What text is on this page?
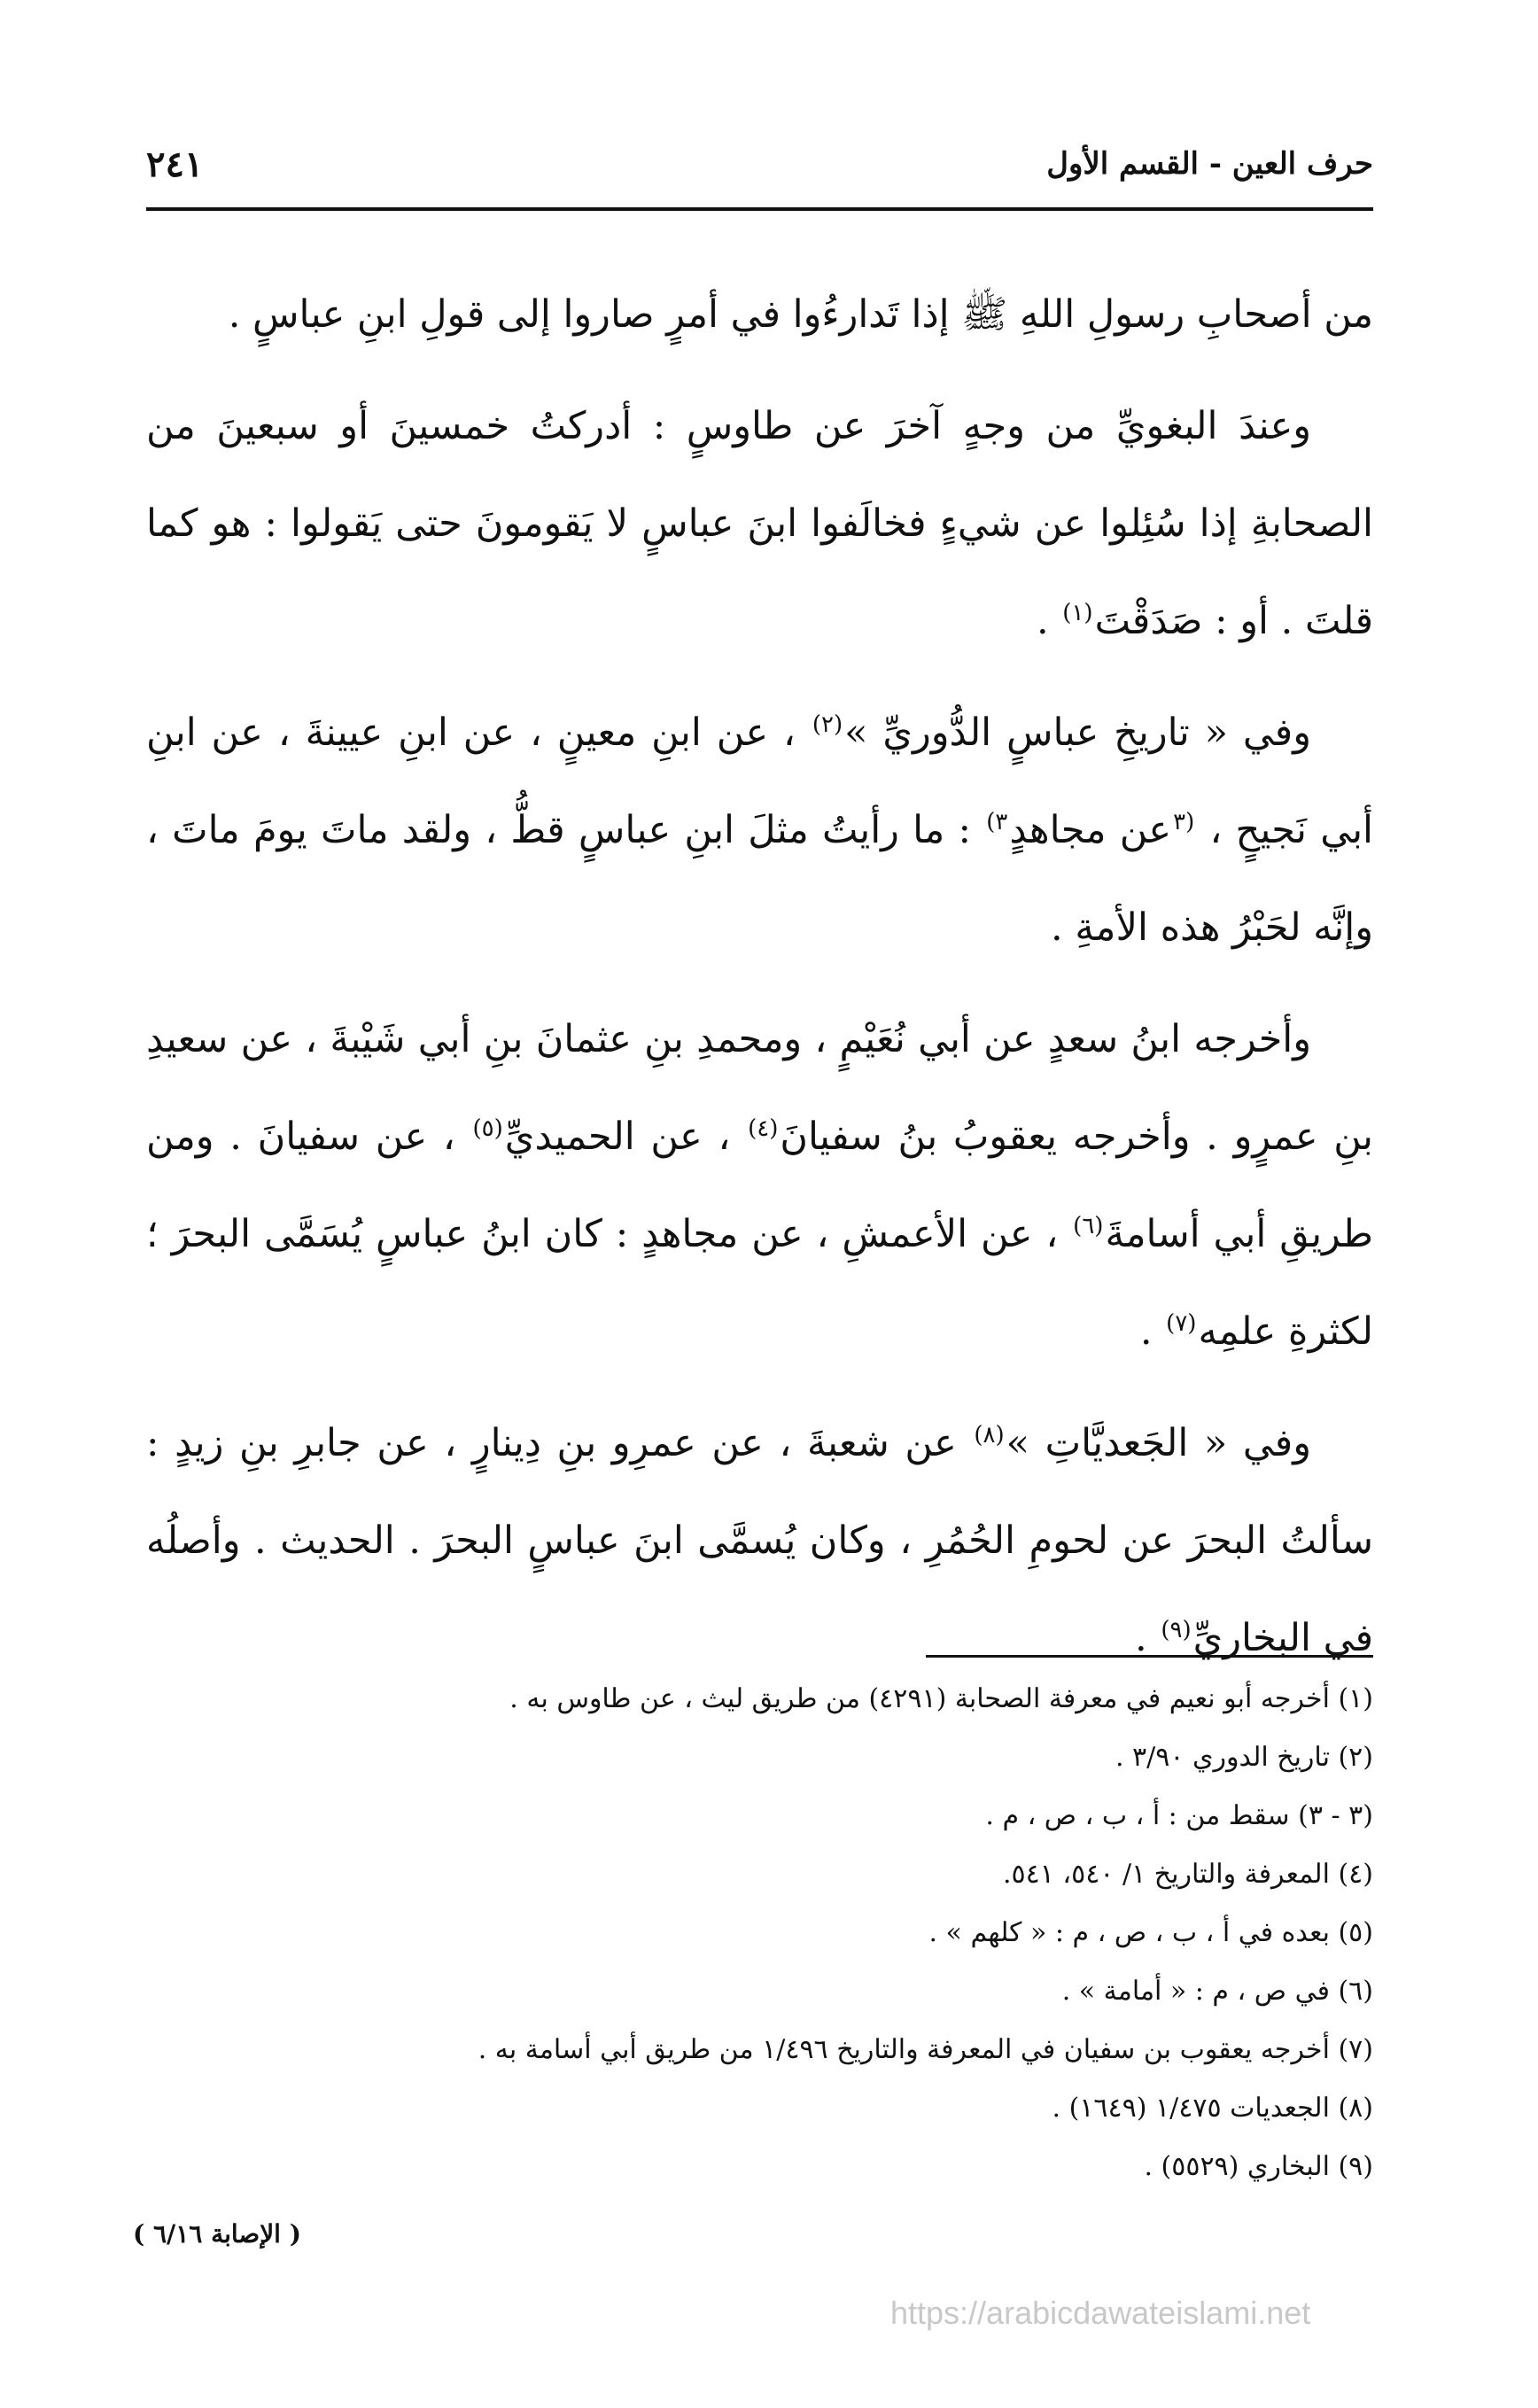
حرف العين - القسم الأول
٢٤١

من أصحابِ رسولِ اللهِ ﷺ إذا تَدارءُوا في أمرٍ صاروا إلى قولِ ابنِ عباسٍ .

وعندَ البغويِّ من وجهٍ آخرَ عن طاوسٍ : أدركتُ خمسينَ أو سبعينَ من الصحابةِ إذا سُئِلوا عن شيءٍ فخالَفوا ابنَ عباسٍ لا يَقومونَ حتى يَقولوا : هو كما قلتَ . أو : صَدَقْتَ$^{(١)}$ .

وفي « تاريخِ عباسٍ الدُّوريِّ »$^{(٢)}$ ، عن ابنِ معينٍ ، عن ابنِ عيينةَ ، عن ابنِ أبي نَجيحٍ ، $^{(٣}$عن مجاهدٍ$^{٣)}$ : ما رأيتُ مثلَ ابنِ عباسٍ قطُّ ، ولقد ماتَ يومَ ماتَ ، وإنَّه لحَبْرُ هذه الأمةِ .

وأخرجه ابنُ سعدٍ عن أبي نُعَيْمٍ ، ومحمدِ بنِ عثمانَ بنِ أبي شَيْبةَ ، عن سعيدِ بنِ عمرٍو . وأخرجه يعقوبُ بنُ سفيانَ$^{(٤)}$ ، عن الحميديِّ$^{(٥)}$ ، عن سفيانَ . ومن طريقِ أبي أسامةَ$^{(٦)}$ ، عن الأعمشِ ، عن مجاهدٍ : كان ابنُ عباسٍ يُسَمَّى البحرَ ؛ لكثرةِ علمِه$^{(٧)}$ .

وفي « الجَعديَّاتِ »$^{(٨)}$ عن شعبةَ ، عن عمرِو بنِ دِينارٍ ، عن جابرِ بنِ زيدٍ : سألتُ البحرَ عن لحومِ الحُمُرِ ، وكان يُسمَّى ابنَ عباسٍ البحرَ . الحديث . وأصلُه في البخاريِّ$^{(٩)}$ .

(١) أخرجه أبو نعيم في معرفة الصحابة (٤٢٩١) من طريق ليث ، عن طاوس به .

(٢) تاريخ الدوري ٣/٩٠ .

(٣ - ٣) سقط من : أ ، ب ، ص ، م .

(٤) المعرفة والتاريخ ١/ ٥٤٠، ٥٤١.

(٥) بعده في أ ، ب ، ص ، م : « كلهم » .

(٦) في ص ، م : « أمامة » .

(٧) أخرجه يعقوب بن سفيان في المعرفة والتاريخ ١/٤٩٦ من طريق أبي أسامة به .

(٨) الجعديات ١/٤٧٥ (١٦٤٩) .

(٩) البخاري (٥٥٢٩) .

( الإصابة ٦/١٦ )
https://arabicdawateislami.net
